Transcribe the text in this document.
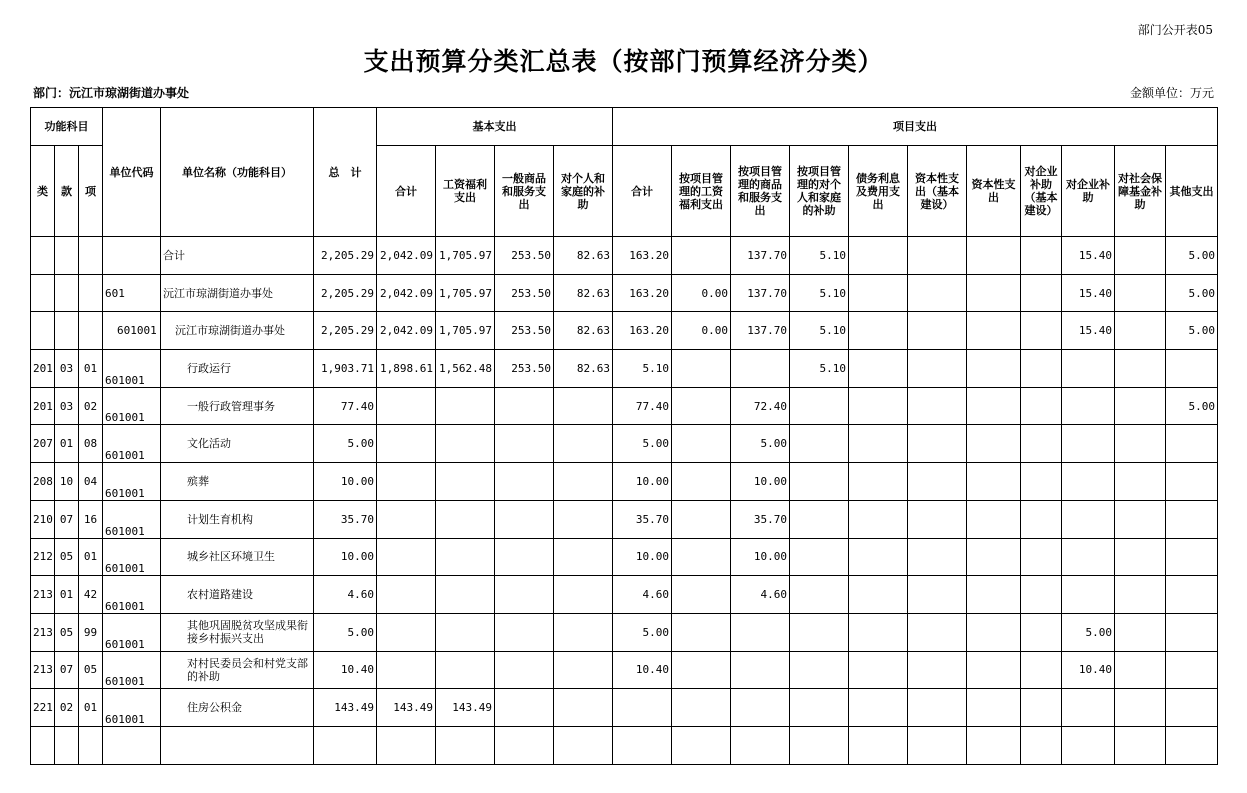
部门公开表05
支出预算分类汇总表（按部门预算经济分类）
部门：沅江市琼湖街道办事处	金额单位：万元
功能科目			单位代码	单位名称（功能科目）	总　计	基本支出				项目支出										
类	款	项				合计	工资福利支出	一般商品和服务支出	对个人和家庭的补助	合计	按项目管理的工资福利支出	按项目管理的商品和服务支出	按项目管理的对个人和家庭的补助	债务利息及费用支出	资本性支出（基本建设）	资本性支出	对企业补助（基本建设）	对企业补助	对社会保障基金补助	其他支出
				合计	2,205.29	2,042.09	1,705.97	253.50	82.63	163.20		137.70	5.10					15.40		5.00
			601	沅江市琼湖街道办事处	2,205.29	2,042.09	1,705.97	253.50	82.63	163.20	0.00	137.70	5.10					15.40		5.00
			601001	沅江市琼湖街道办事处	2,205.29	2,042.09	1,705.97	253.50	82.63	163.20	0.00	137.70	5.10					15.40		5.00
201	03	01	601001	行政运行	1,903.71	1,898.61	1,562.48	253.50	82.63	5.10			5.10							
201	03	02	601001	一般行政管理事务	77.40					77.40		72.40								5.00
207	01	08	601001	文化活动	5.00					5.00		5.00								
208	10	04	601001	殡葬	10.00					10.00		10.00								
210	07	16	601001	计划生育机构	35.70					35.70		35.70								
212	05	01	601001	城乡社区环境卫生	10.00					10.00		10.00								
213	01	42	601001	农村道路建设	4.60					4.60		4.60								
213	05	99	601001	其他巩固脱贫攻坚成果衔接乡村振兴支出	5.00					5.00								5.00		
213	07	05	601001	对村民委员会和村党支部的补助	10.40					10.40								10.40		
221	02	01	601001	住房公积金	143.49	143.49	143.49													
